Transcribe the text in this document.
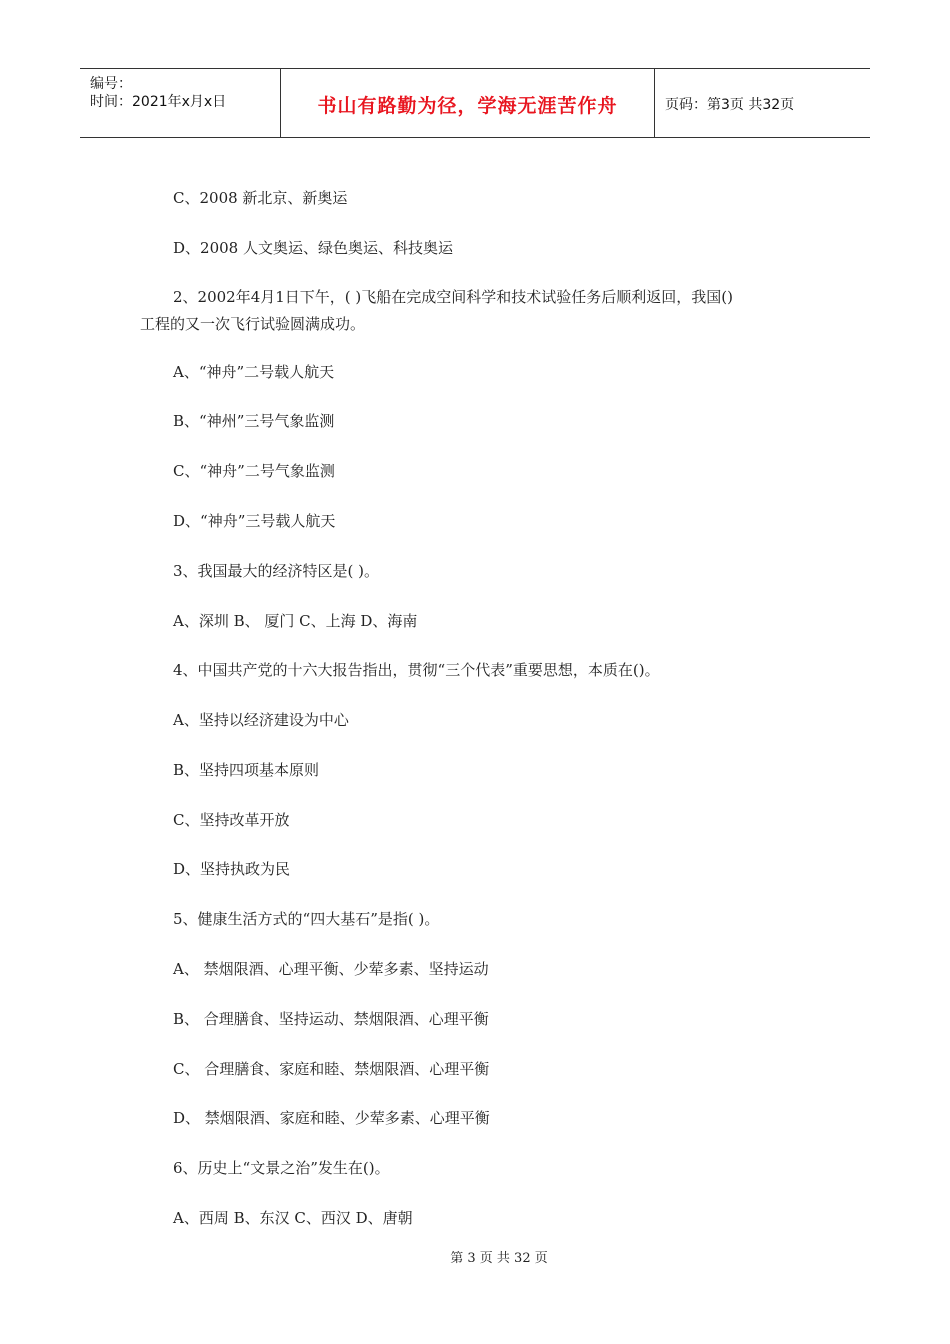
编号：
时间：2021年x月x日	书山有路勤为径，学海无涯苦作舟	页码：第3页 共32页
C、2008 新北京、新奥运
D、2008 人文奥运、绿色奥运、科技奥运
2、2002年4月1日下午，( )飞船在完成空间科学和技术试验任务后顺利返回，我国()
工程的又一次飞行试验圆满成功。
A、“神舟”二号载人航天
B、“神州”三号气象监测
C、“神舟”二号气象监测
D、“神舟”三号载人航天
3、我国最大的经济特区是( )。
A、深圳 B、 厦门 C、上海 D、海南
4、中国共产党的十六大报告指出，贯彻“三个代表”重要思想，本质在()。
A、坚持以经济建设为中心
B、坚持四项基本原则
C、坚持改革开放
D、坚持执政为民
5、健康生活方式的“四大基石”是指( )。
A、 禁烟限酒、心理平衡、少荤多素、坚持运动
B、 合理膳食、坚持运动、禁烟限酒、心理平衡
C、 合理膳食、家庭和睦、禁烟限酒、心理平衡
D、 禁烟限酒、家庭和睦、少荤多素、心理平衡
6、历史上“文景之治”发生在()。
A、西周 B、东汉 C、西汉 D、唐朝
第 3 页 共 32 页
